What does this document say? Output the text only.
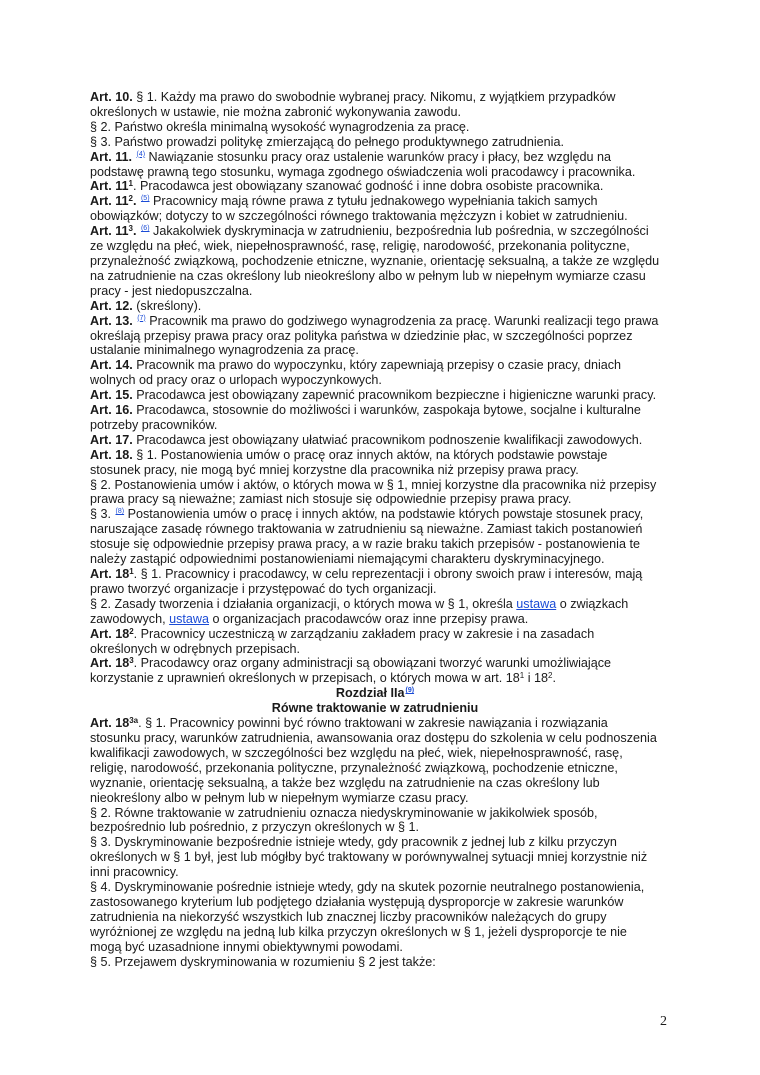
Art. 10. § 1. Każdy ma prawo do swobodnie wybranej pracy. Nikomu, z wyjątkiem przypadków określonych w ustawie, nie można zabronić wykonywania zawodu.

§ 2. Państwo określa minimalną wysokość wynagrodzenia za pracę.

§ 3. Państwo prowadzi politykę zmierzającą do pełnego produktywnego zatrudnienia.

Art. 11. $^{(4)}$ Nawiązanie stosunku pracy oraz ustalenie warunków pracy i płacy, bez względu na podstawę prawną tego stosunku, wymaga zgodnego oświadczenia woli pracodawcy i pracownika.

Art. $11^1$. Pracodawca jest obowiązany szanować godność i inne dobra osobiste pracownika.

Art. $11^2$. $^{(5)}$ Pracownicy mają równe prawa z tytułu jednakowego wypełniania takich samych obowiązków; dotyczy to w szczególności równego traktowania mężczyzn i kobiet w zatrudnieniu.

Art. $11^3$. $^{(6)}$ Jakakolwiek dyskryminacja w zatrudnieniu, bezpośrednia lub pośrednia, w szczególności ze względu na płeć, wiek, niepełnosprawność, rasę, religię, narodowość, przekonania polityczne, przynależność związkową, pochodzenie etniczne, wyznanie, orientację seksualną, a także ze względu na zatrudnienie na czas określony lub nieokreślony albo w pełnym lub w niepełnym wymiarze czasu pracy - jest niedopuszczalna.

Art. 12. (skreślony).

Art. 13. $^{(7)}$ Pracownik ma prawo do godziwego wynagrodzenia za pracę. Warunki realizacji tego prawa określają przepisy prawa pracy oraz polityka państwa w dziedzinie płac, w szczególności poprzez ustalanie minimalnego wynagrodzenia za pracę.

Art. 14. Pracownik ma prawo do wypoczynku, który zapewniają przepisy o czasie pracy, dniach wolnych od pracy oraz o urlopach wypoczynkowych.

Art. 15. Pracodawca jest obowiązany zapewnić pracownikom bezpieczne i higieniczne warunki pracy.

Art. 16. Pracodawca, stosownie do możliwości i warunków, zaspokaja bytowe, socjalne i kulturalne potrzeby pracowników.

Art. 17. Pracodawca jest obowiązany ułatwiać pracownikom podnoszenie kwalifikacji zawodowych.

Art. 18. § 1. Postanowienia umów o pracę oraz innych aktów, na których podstawie powstaje stosunek pracy, nie mogą być mniej korzystne dla pracownika niż przepisy prawa pracy.

§ 2. Postanowienia umów i aktów, o których mowa w § 1, mniej korzystne dla pracownika niż przepisy prawa pracy są nieważne; zamiast nich stosuje się odpowiednie przepisy prawa pracy.

§ 3. $^{(8)}$ Postanowienia umów o pracę i innych aktów, na podstawie których powstaje stosunek pracy, naruszające zasadę równego traktowania w zatrudnieniu są nieważne. Zamiast takich postanowień stosuje się odpowiednie przepisy prawa pracy, a w razie braku takich przepisów - postanowienia te należy zastąpić odpowiednimi postanowieniami niemającymi charakteru dyskryminacyjnego.

Art. $18^1$. § 1. Pracownicy i pracodawcy, w celu reprezentacji i obrony swoich praw i interesów, mają prawo tworzyć organizacje i przystępować do tych organizacji.

§ 2. Zasady tworzenia i działania organizacji, o których mowa w § 1, określa ustawa o związkach zawodowych, ustawa o organizacjach pracodawców oraz inne przepisy prawa.

Art. $18^2$. Pracownicy uczestniczą w zarządzaniu zakładem pracy w zakresie i na zasadach określonych w odrębnych przepisach.

Art. $18^3$. Pracodawcy oraz organy administracji są obowiązani tworzyć warunki umożliwiające korzystanie z uprawnień określonych w przepisach, o których mowa w art. $18^1$ i $18^2$.

Rozdział IIa$^{(9)}$

Równe traktowanie w zatrudnieniu

Art. $18^{3a}$. § 1. Pracownicy powinni być równo traktowani w zakresie nawiązania i rozwiązania stosunku pracy, warunków zatrudnienia, awansowania oraz dostępu do szkolenia w celu podnoszenia kwalifikacji zawodowych, w szczególności bez względu na płeć, wiek, niepełnosprawność, rasę, religię, narodowość, przekonania polityczne, przynależność związkową, pochodzenie etniczne, wyznanie, orientację seksualną, a także bez względu na zatrudnienie na czas określony lub nieokreślony albo w pełnym lub w niepełnym wymiarze czasu pracy.

§ 2. Równe traktowanie w zatrudnieniu oznacza niedyskryminowanie w jakikolwiek sposób, bezpośrednio lub pośrednio, z przyczyn określonych w § 1.

§ 3. Dyskryminowanie bezpośrednie istnieje wtedy, gdy pracownik z jednej lub z kilku przyczyn określonych w § 1 był, jest lub mógłby być traktowany w porównywalnej sytuacji mniej korzystnie niż inni pracownicy.

§ 4. Dyskryminowanie pośrednie istnieje wtedy, gdy na skutek pozornie neutralnego postanowienia, zastosowanego kryterium lub podjętego działania występują dysproporcje w zakresie warunków zatrudnienia na niekorzyść wszystkich lub znacznej liczby pracowników należących do grupy wyróżnionej ze względu na jedną lub kilka przyczyn określonych w § 1, jeżeli dysproporcje te nie mogą być uzasadnione innymi obiektywnymi powodami.

§ 5. Przejawem dyskryminowania w rozumieniu § 2 jest także:

2
